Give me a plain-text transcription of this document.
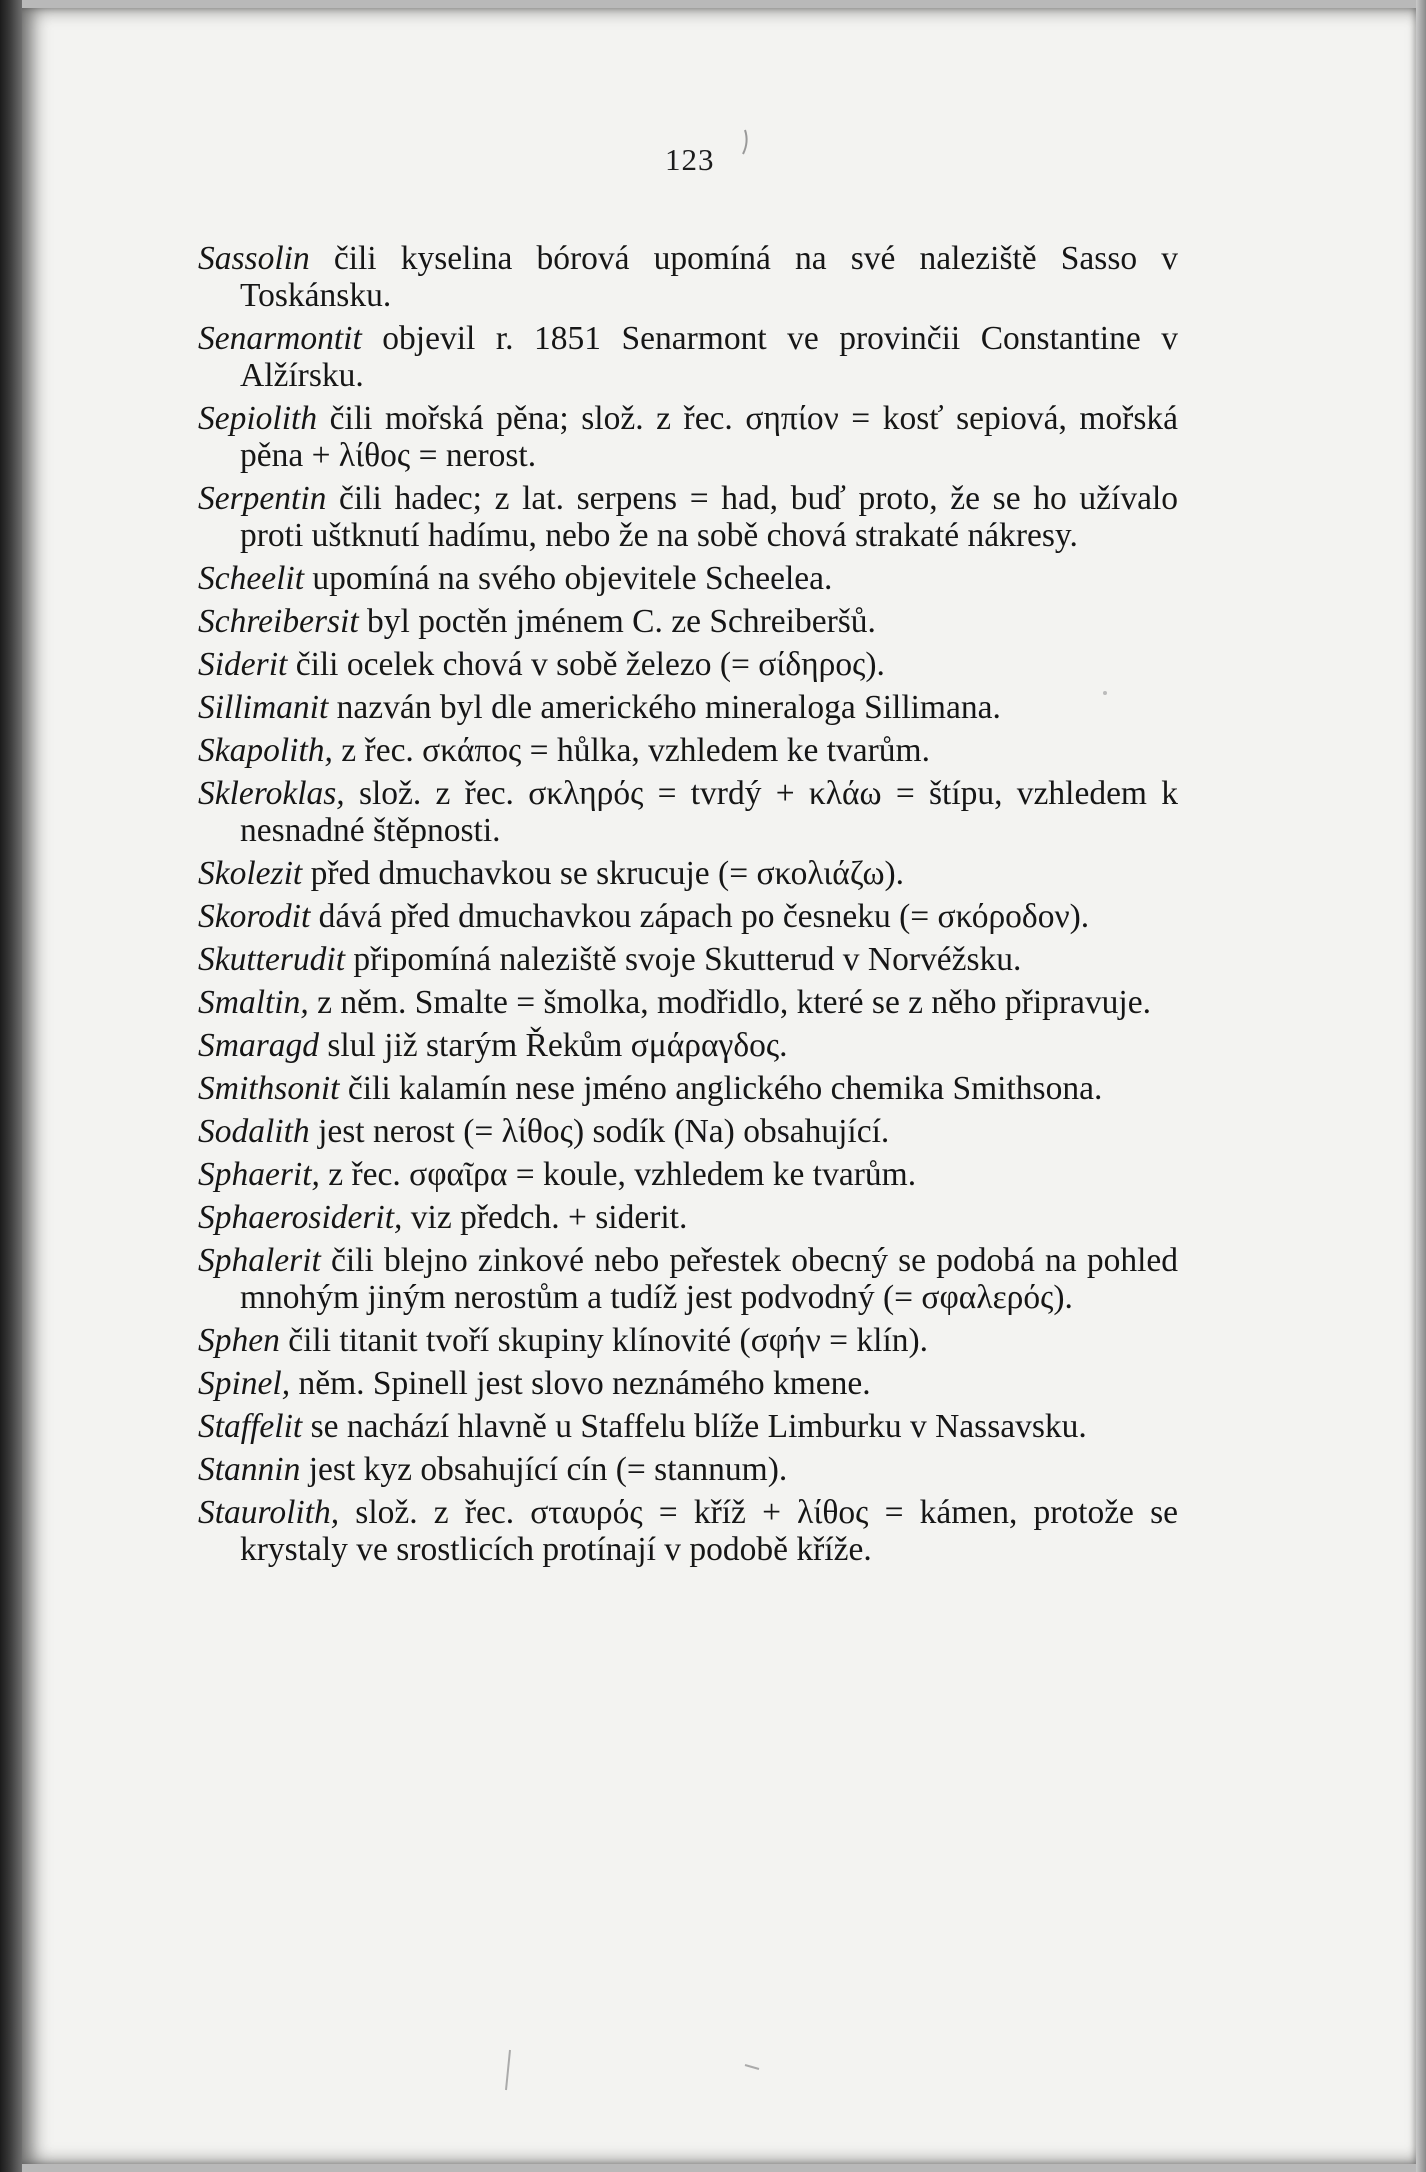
123

Sassolin čili kyselina bórová upomíná na své naleziště Sasso v Toskánsku.

Senarmontit objevil r. 1851 Senarmont ve provinčii Constantine v Alžírsku.

Sepiolith čili mořská pěna; slož. z řec. σηπίον = kosť sepiová, mořská pěna + λίθος = nerost.

Serpentin čili hadec; z lat. serpens = had, buď proto, že se ho užívalo proti uštknutí hadímu, nebo že na sobě chová strakaté nákresy.

Scheelit upomíná na svého objevitele Scheelea.

Schreibersit byl poctěn jménem C. ze Schreiberšů.

Siderit čili ocelek chová v sobě železo (= σίδηρος).

Sillimanit nazván byl dle amerického mineraloga Sillimana.

Skapolith, z řec. σκάπος = hůlka, vzhledem ke tvarům.

Skleroklas, slož. z řec. σκληρός = tvrdý + κλάω = štípu, vzhledem k nesnadné štěpnosti.

Skolezit před dmuchavkou se skrucuje (= σκολιάζω).

Skorodit dává před dmuchavkou zápach po česneku (= σκόροδον).

Skutterudit připomíná naleziště svoje Skutterud v Norvéžsku.

Smaltin, z něm. Smalte = šmolka, modřidlo, které se z něho připravuje.

Smaragd slul již starým Řekům σμάραγδος.

Smithsonit čili kalamín nese jméno anglického chemika Smithsona.

Sodalith jest nerost (= λίθος) sodík (Na) obsahující.

Sphaerit, z řec. σφαῖρα = koule, vzhledem ke tvarům.

Sphaerosiderit, viz předch. + siderit.

Sphalerit čili blejno zinkové nebo peřestek obecný se podobá na pohled mnohým jiným nerostům a tudíž jest podvodný (= σφαλερός).

Sphen čili titanit tvoří skupiny klínovité (σφήν = klín).

Spinel, něm. Spinell jest slovo neznámého kmene.

Staffelit se nachází hlavně u Staffelu blíže Limburku v Nassavsku.

Stannin jest kyz obsahující cín (= stannum).

Staurolith, slož. z řec. σταυρός = kříž + λίθος = kámen, protože se krystaly ve srostlicích protínají v podobě kříže.
